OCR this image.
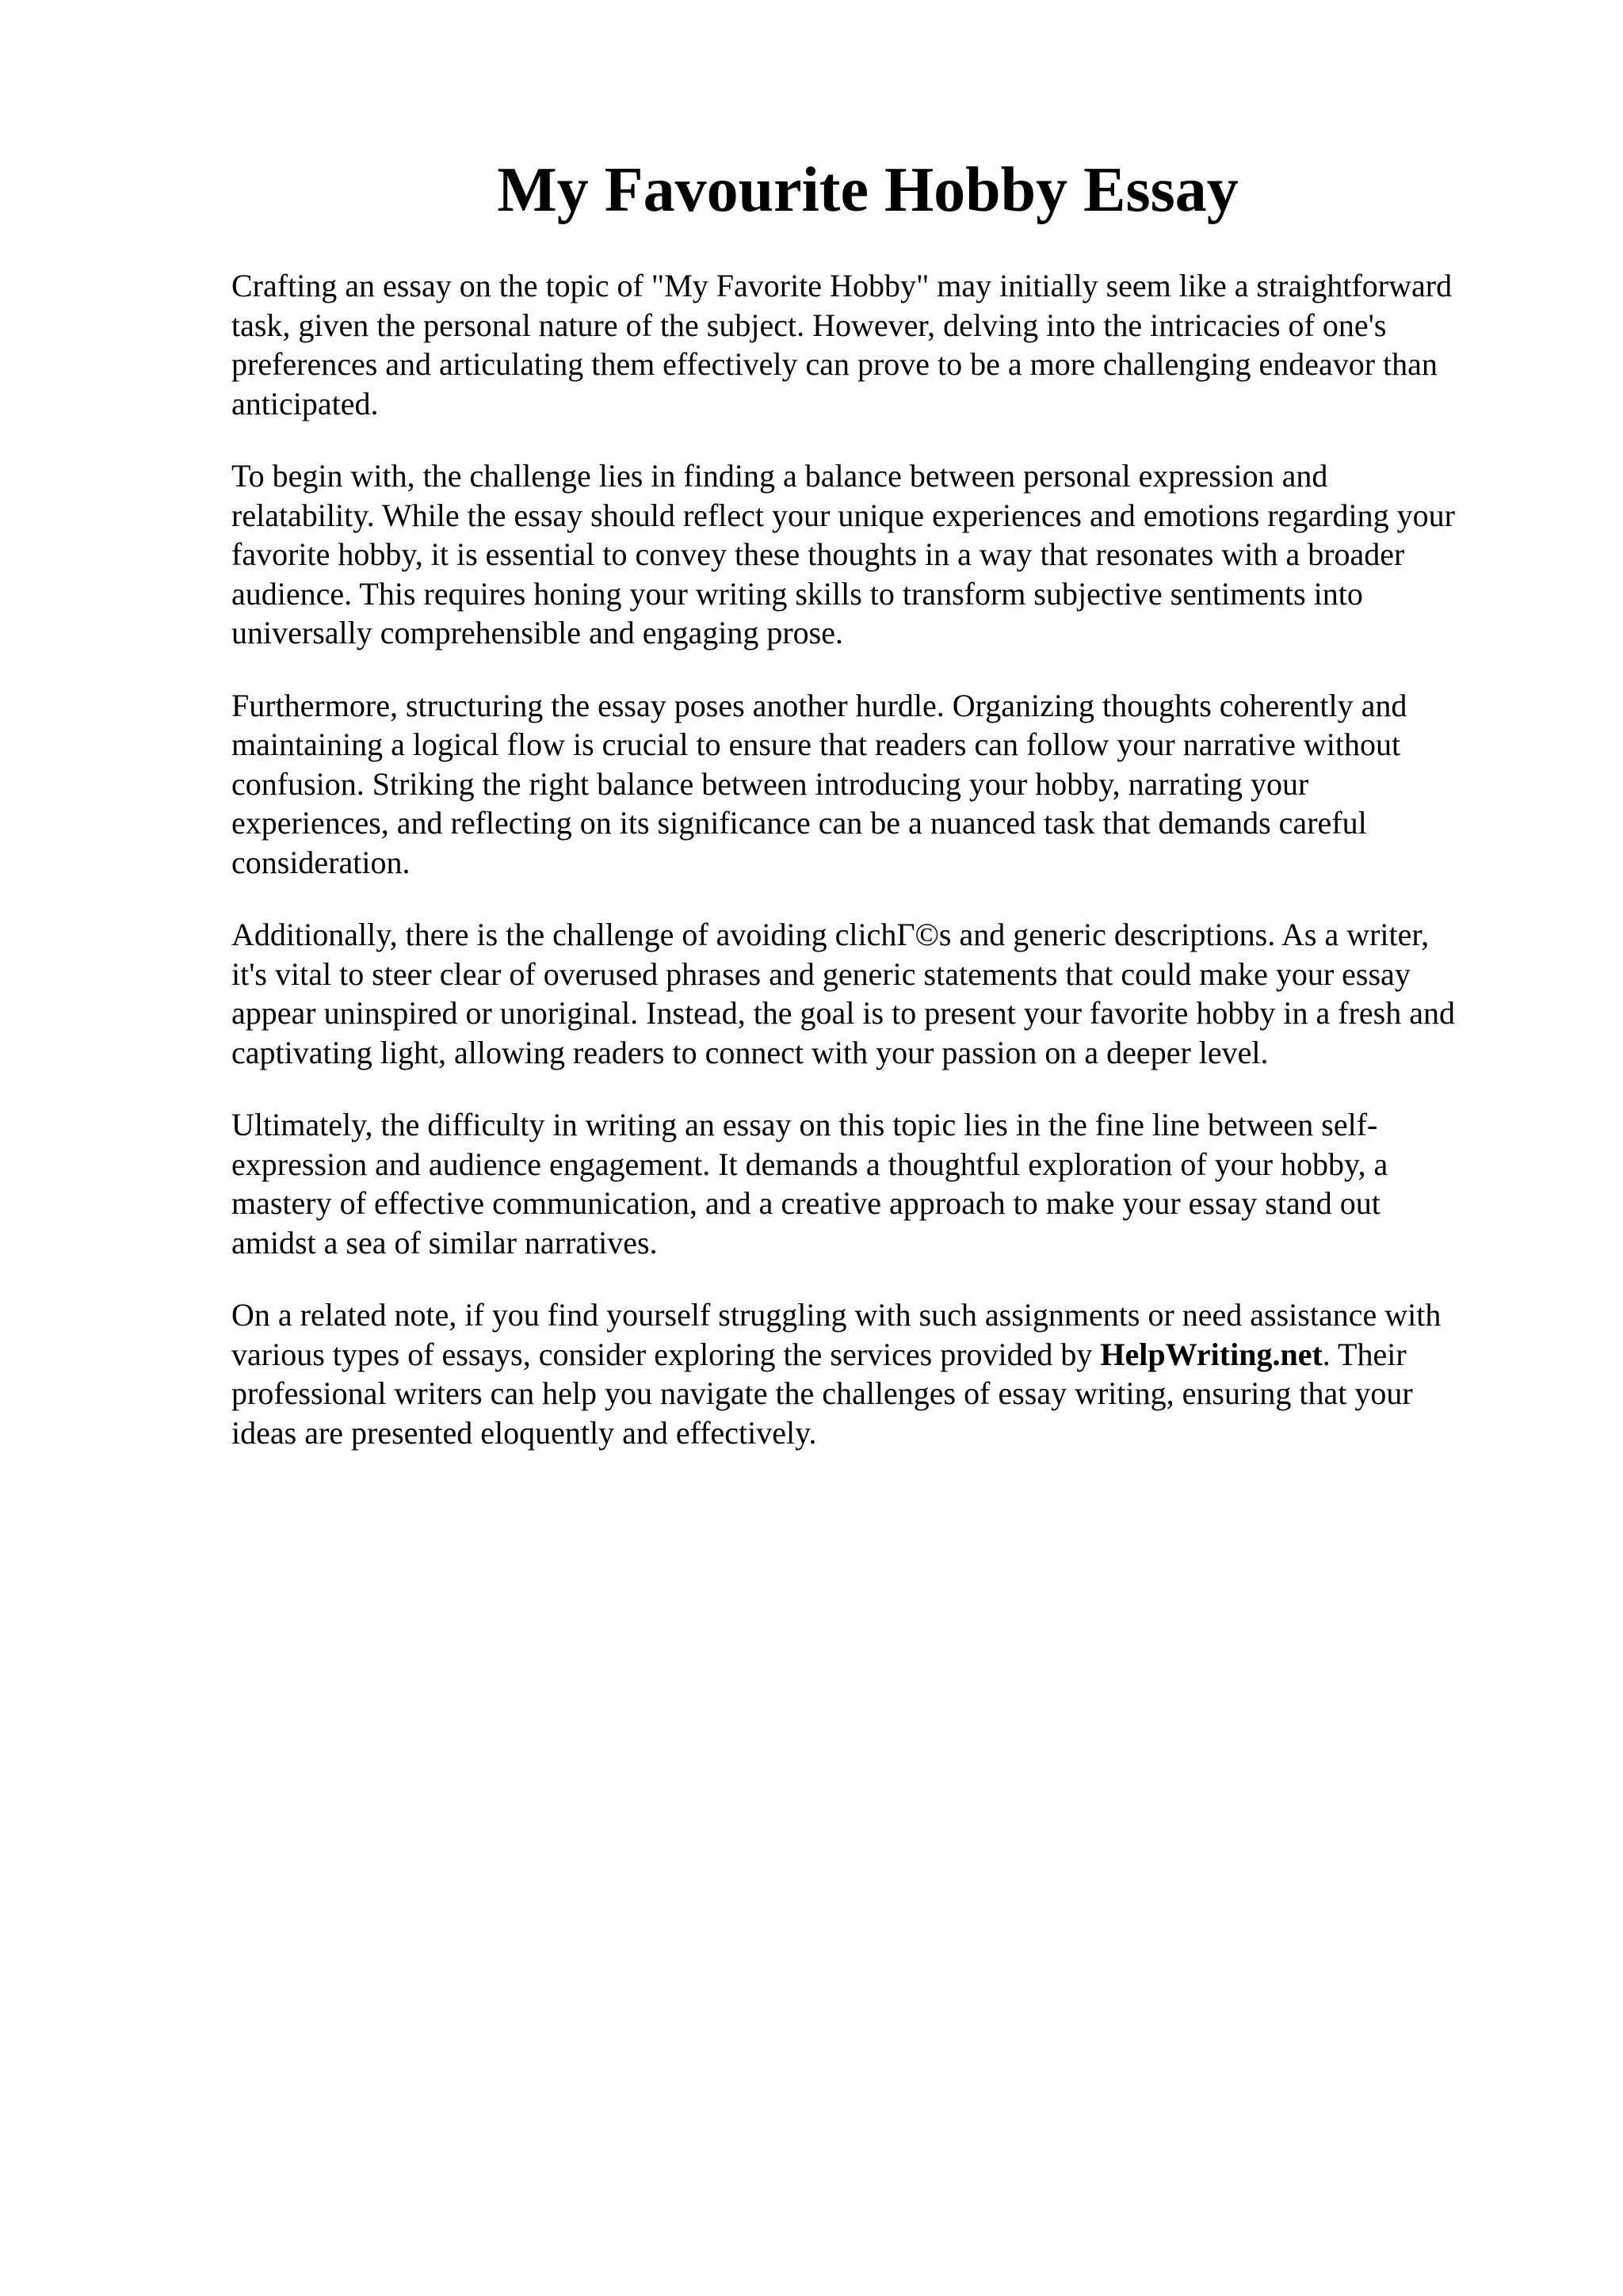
My Favourite Hobby Essay

Crafting an essay on the topic of "My Favorite Hobby" may initially seem like a straightforward
task, given the personal nature of the subject. However, delving into the intricacies of one's
preferences and articulating them effectively can prove to be a more challenging endeavor than
anticipated.

To begin with, the challenge lies in finding a balance between personal expression and
relatability. While the essay should reflect your unique experiences and emotions regarding your
favorite hobby, it is essential to convey these thoughts in a way that resonates with a broader
audience. This requires honing your writing skills to transform subjective sentiments into
universally comprehensible and engaging prose.

Furthermore, structuring the essay poses another hurdle. Organizing thoughts coherently and
maintaining a logical flow is crucial to ensure that readers can follow your narrative without
confusion. Striking the right balance between introducing your hobby, narrating your
experiences, and reflecting on its significance can be a nuanced task that demands careful
consideration.

Additionally, there is the challenge of avoiding clichΓ©s and generic descriptions. As a writer,
it's vital to steer clear of overused phrases and generic statements that could make your essay
appear uninspired or unoriginal. Instead, the goal is to present your favorite hobby in a fresh and
captivating light, allowing readers to connect with your passion on a deeper level.

Ultimately, the difficulty in writing an essay on this topic lies in the fine line between self-
expression and audience engagement. It demands a thoughtful exploration of your hobby, a
mastery of effective communication, and a creative approach to make your essay stand out
amidst a sea of similar narratives.

On a related note, if you find yourself struggling with such assignments or need assistance with
various types of essays, consider exploring the services provided by HelpWriting.net. Their
professional writers can help you navigate the challenges of essay writing, ensuring that your
ideas are presented eloquently and effectively.
